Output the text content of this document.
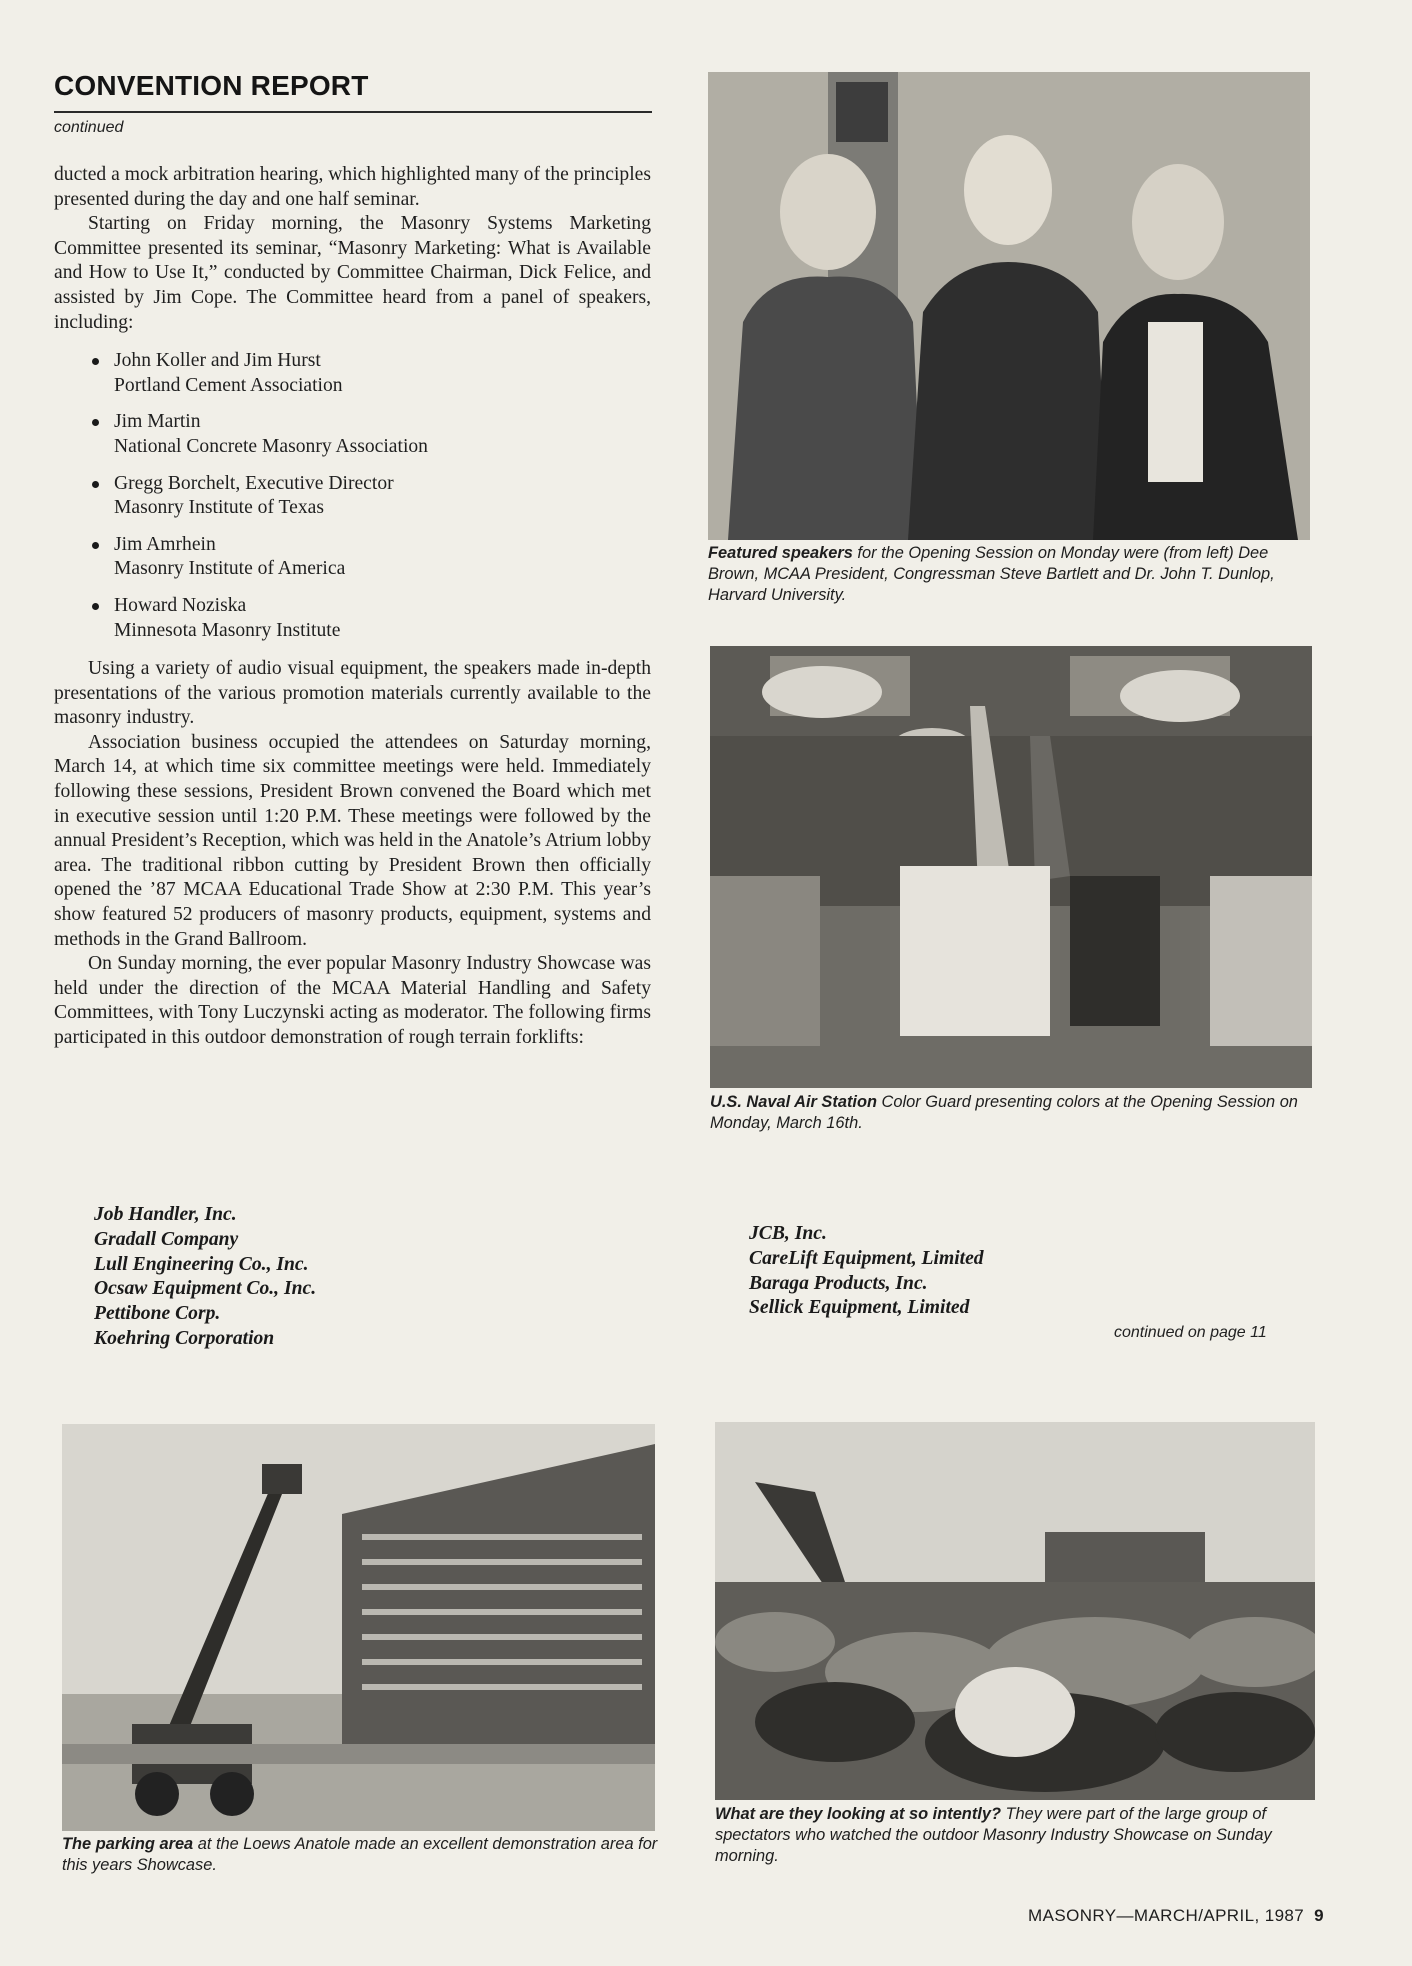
CONVENTION REPORT
continued

ducted a mock arbitration hearing, which highlighted many of the principles presented during the day and one half seminar.

Starting on Friday morning, the Masonry Systems Marketing Committee presented its seminar, “Masonry Marketing: What is Available and How to Use It,” conducted by Committee Chairman, Dick Felice, and assisted by Jim Cope. The Committee heard from a panel of speakers, including:

John Koller and Jim Hurst
Portland Cement Association
Jim Martin
National Concrete Masonry Association
Gregg Borchelt, Executive Director
Masonry Institute of Texas
Jim Amrhein
Masonry Institute of America
Howard Noziska
Minnesota Masonry Institute

Using a variety of audio visual equipment, the speakers made in-depth presentations of the various promotion materials currently available to the masonry industry.

Association business occupied the attendees on Saturday morning, March 14, at which time six committee meetings were held. Immediately following these sessions, President Brown convened the Board which met in executive session until 1:20 P.M. These meetings were followed by the annual President’s Reception, which was held in the Anatole’s Atrium lobby area. The traditional ribbon cutting by President Brown then officially opened the ’87 MCAA Educational Trade Show at 2:30 P.M. This year’s show featured 52 producers of masonry products, equipment, systems and methods in the Grand Ballroom.

On Sunday morning, the ever popular Masonry Industry Showcase was held under the direction of the MCAA Material Handling and Safety Committees, with Tony Luczynski acting as moderator. The following firms participated in this outdoor demonstration of rough terrain forklifts:

Job Handler, Inc.
Gradall Company
Lull Engineering Co., Inc.
Ocsaw Equipment Co., Inc.
Pettibone Corp.
Koehring Corporation
JCB, Inc.
CareLift Equipment, Limited
Baraga Products, Inc.
Sellick Equipment, Limited
continued on page 11
Featured speakers for the Opening Session on Monday were (from left) Dee Brown, MCAA President, Congressman Steve Bartlett and Dr. John T. Dunlop, Harvard University.
U.S. Naval Air Station Color Guard presenting colors at the Opening Session on Monday, March 16th.
The parking area at the Loews Anatole made an excellent demonstration area for this years Showcase.
What are they looking at so intently? They were part of the large group of spectators who watched the outdoor Masonry Industry Showcase on Sunday morning.
MASONRY—MARCH/APRIL, 1987 9
